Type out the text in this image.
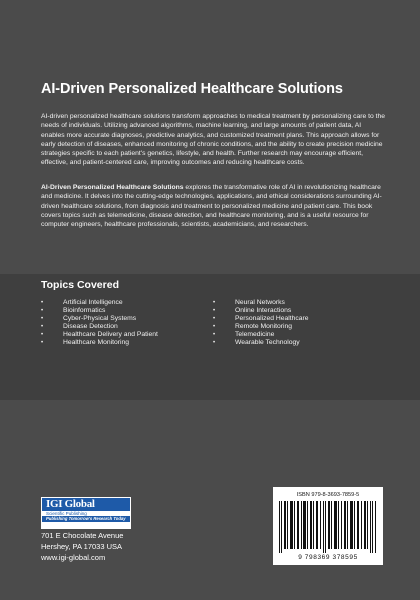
AI-Driven Personalized Healthcare Solutions
AI-driven personalized healthcare solutions transform approaches to medical treatment by personalizing care to the needs of individuals. Utilizing advanced algorithms, machine learning, and large amounts of patient data, AI enables more accurate diagnoses, predictive analytics, and customized treatment plans. This approach allows for early detection of diseases, enhanced monitoring of chronic conditions, and the ability to create precision medicine strategies specific to each patient's genetics, lifestyle, and health. Further research may encourage efficient, effective, and patient-centered care, improving outcomes and reducing healthcare costs.
AI-Driven Personalized Healthcare Solutions explores the transformative role of AI in revolutionizing healthcare and medicine. It delves into the cutting-edge technologies, applications, and ethical considerations surrounding AI-driven healthcare solutions, from diagnosis and treatment to personalized medicine and patient care. This book covers topics such as telemedicine, disease detection, and healthcare monitoring, and is a useful resource for computer engineers, healthcare professionals, scientists, academicians, and researchers.
Topics Covered
•	Artificial Intelligence
•	Bioinformatics
•	Cyber-Physical Systems
•	Disease Detection
•	Healthcare Delivery and Patient
•	Healthcare Monitoring
•	Neural Networks
•	Online Interactions
•	Personalized Healthcare
•	Remote Monitoring
•	Telemedicine
•	Wearable Technology
IGI Global
Scientific Publishing
Publishing Tomorrow's Research Today
701 E Chocolate Avenue
Hershey, PA 17033 USA
www.igi-global.com
ISBN 979-8-3693-7859-5
9 798369 378595
